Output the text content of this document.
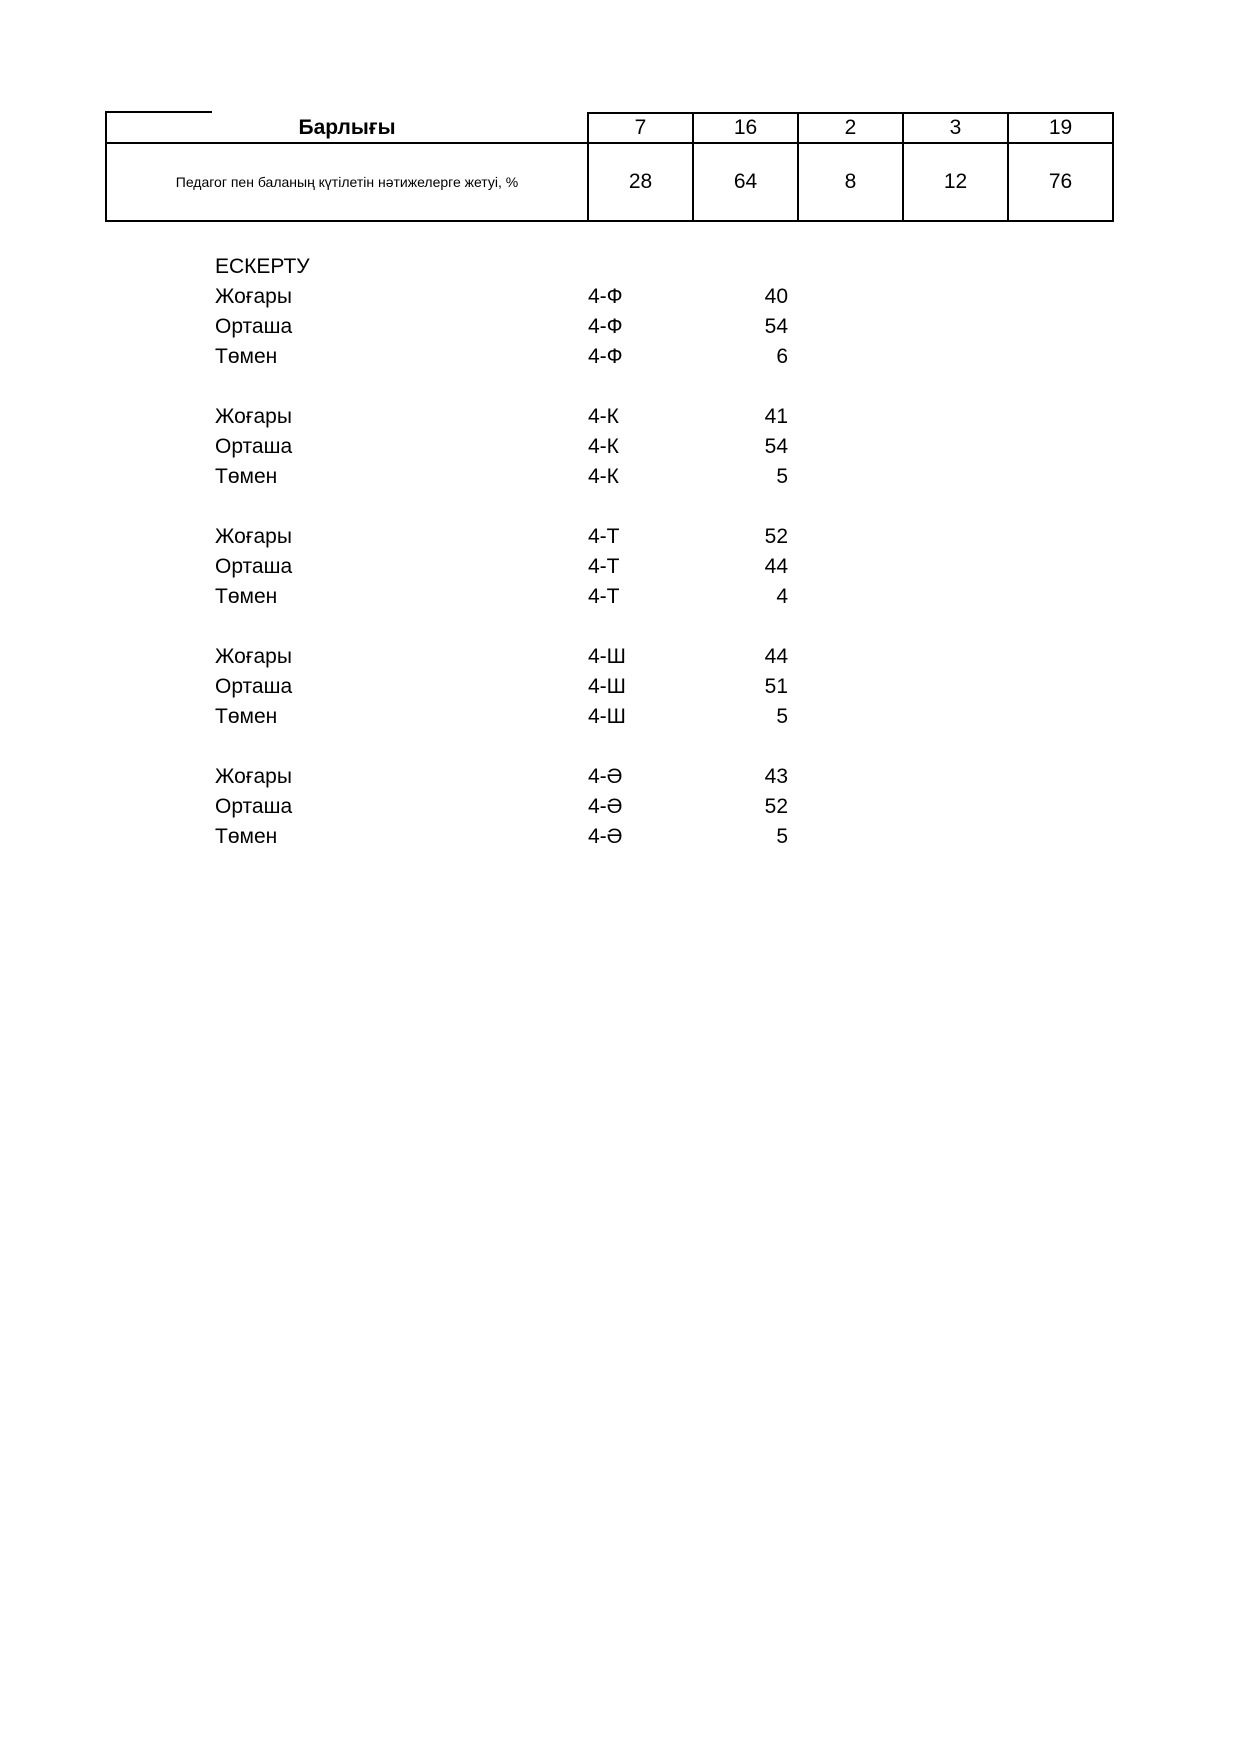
Барлығы	7	16	2	3	19
Педагог пен баланың күтілетін нәтижелерге жетуі, %	28	64	8	12	76
ЕСКЕРТУ
Жоғары	4-Ф	40
Орташа	4-Ф	54
Төмен	4-Ф	6
Жоғары	4-К	41
Орташа	4-К	54
Төмен	4-К	5
Жоғары	4-Т	52
Орташа	4-Т	44
Төмен	4-Т	4
Жоғары	4-Ш	44
Орташа	4-Ш	51
Төмен	4-Ш	5
Жоғары	4-Ә	43
Орташа	4-Ә	52
Төмен	4-Ә	5
